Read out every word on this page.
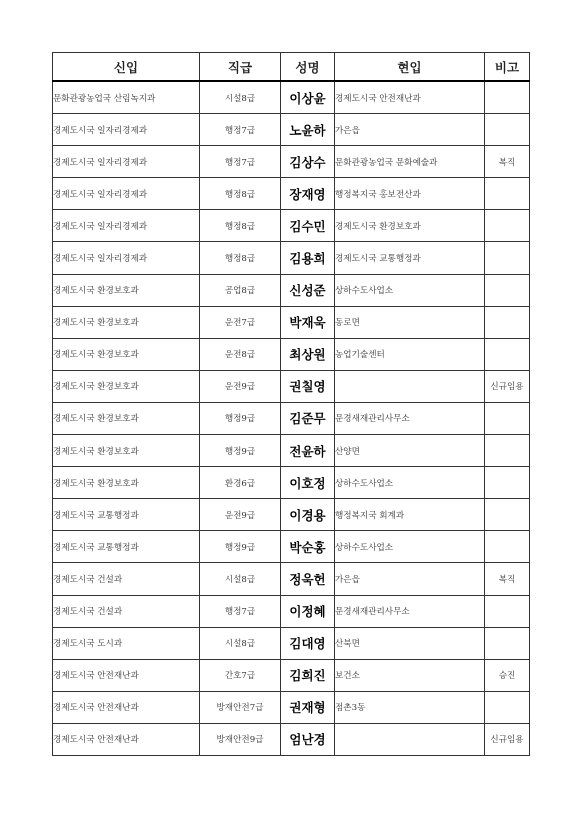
신입	직급	성명	현입	비고
문화관광농업국 산림녹지과	시설8급	이상윤	경제도시국 안전재난과	
경제도시국 일자리경제과	행정7급	노윤하	가은읍	
경제도시국 일자리경제과	행정7급	김상수	문화관광농업국 문화예술과	복직
경제도시국 일자리경제과	행정8급	장재영	행정복지국 홍보전산과	
경제도시국 일자리경제과	행정8급	김수민	경제도시국 환경보호과	
경제도시국 일자리경제과	행정8급	김용희	경제도시국 교통행정과	
경제도시국 환경보호과	공업8급	신성준	상하수도사업소	
경제도시국 환경보호과	운전7급	박재욱	동로면	
경제도시국 환경보호과	운전8급	최상원	농업기술센터	
경제도시국 환경보호과	운전9급	권칠영		신규임용
경제도시국 환경보호과	행정9급	김준무	문경새재관리사무소	
경제도시국 환경보호과	행정9급	전윤하	산양면	
경제도시국 환경보호과	환경6급	이호정	상하수도사업소	
경제도시국 교통행정과	운전9급	이경용	행정복지국 회계과	
경제도시국 교통행정과	행정9급	박순홍	상하수도사업소	
경제도시국 건설과	시설8급	정욱헌	가은읍	복직
경제도시국 건설과	행정7급	이정혜	문경새재관리사무소	
경제도시국 도시과	시설8급	김대영	산북면	
경제도시국 안전재난과	간호7급	김희진	보건소	승진
경제도시국 안전재난과	방재안전7급	권재형	점촌3동	
경제도시국 안전재난과	방재안전9급	엄난경		신규임용
